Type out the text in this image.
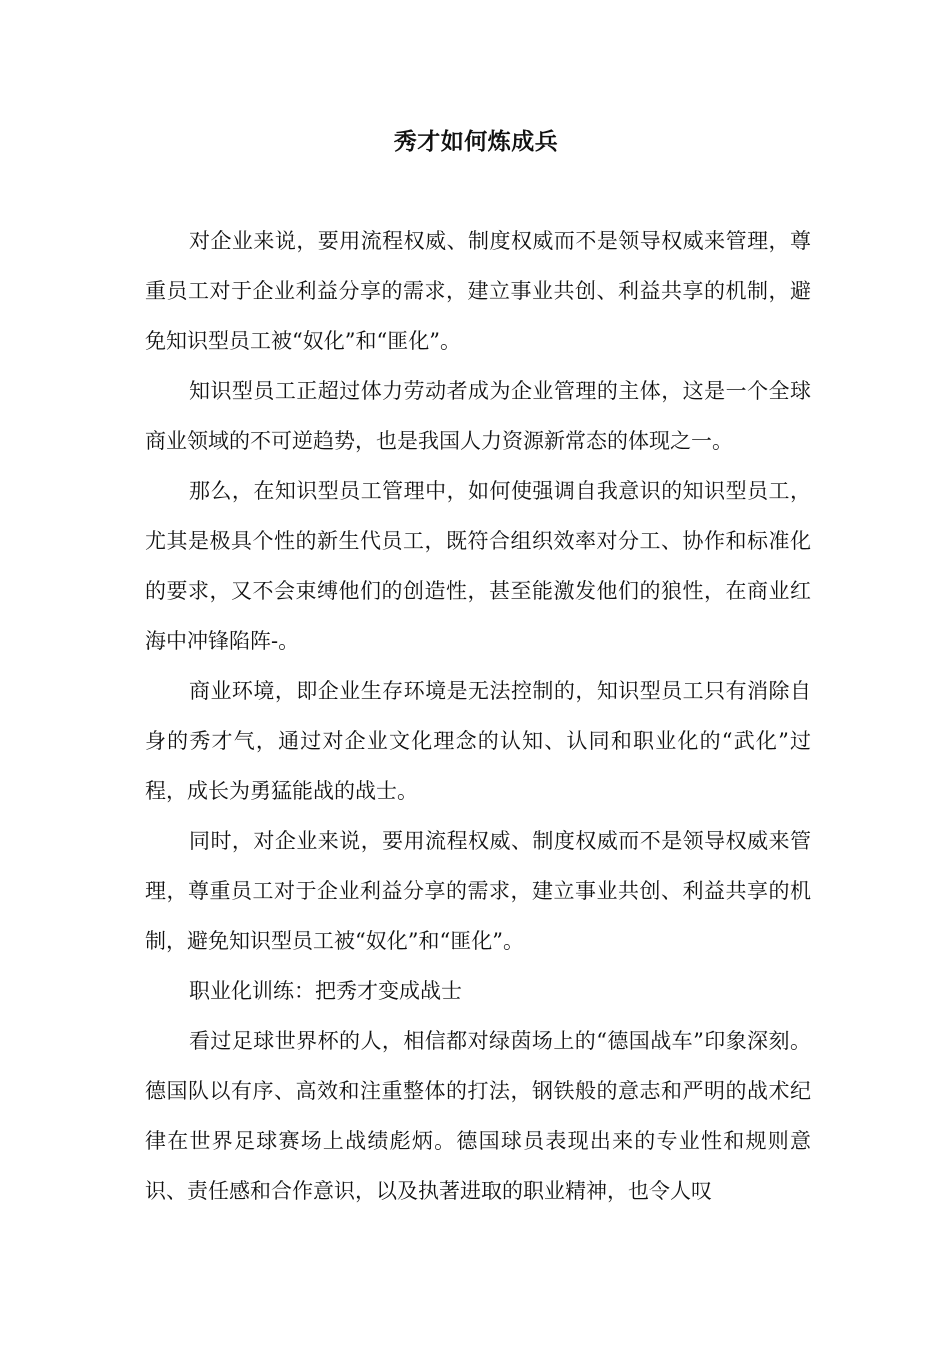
秀才如何炼成兵

对企业来说，要用流程权威、制度权威而不是领导权威来管理，尊重员工对于企业利益分享的需求，建立事业共创、利益共享的机制，避免知识型员工被“奴化”和“匪化”。

知识型员工正超过体力劳动者成为企业管理的主体，这是一个全球商业领域的不可逆趋势，也是我国人力资源新常态的体现之一。

那么，在知识型员工管理中，如何使强调自我意识的知识型员工，尤其是极具个性的新生代员工，既符合组织效率对分工、协作和标准化的要求，又不会束缚他们的创造性，甚至能激发他们的狼性，在商业红海中冲锋陷阵-。

商业环境，即企业生存环境是无法控制的，知识型员工只有消除自身的秀才气，通过对企业文化理念的认知、认同和职业化的“武化”过程，成长为勇猛能战的战士。

同时，对企业来说，要用流程权威、制度权威而不是领导权威来管理，尊重员工对于企业利益分享的需求，建立事业共创、利益共享的机制，避免知识型员工被“奴化”和“匪化”。

职业化训练：把秀才变成战士

看过足球世界杯的人，相信都对绿茵场上的“德国战车”印象深刻。德国队以有序、高效和注重整体的打法，钢铁般的意志和严明的战术纪律在世界足球赛场上战绩彪炳。德国球员表现出来的专业性和规则意识、责任感和合作意识，以及执著进取的职业精神，也令人叹
